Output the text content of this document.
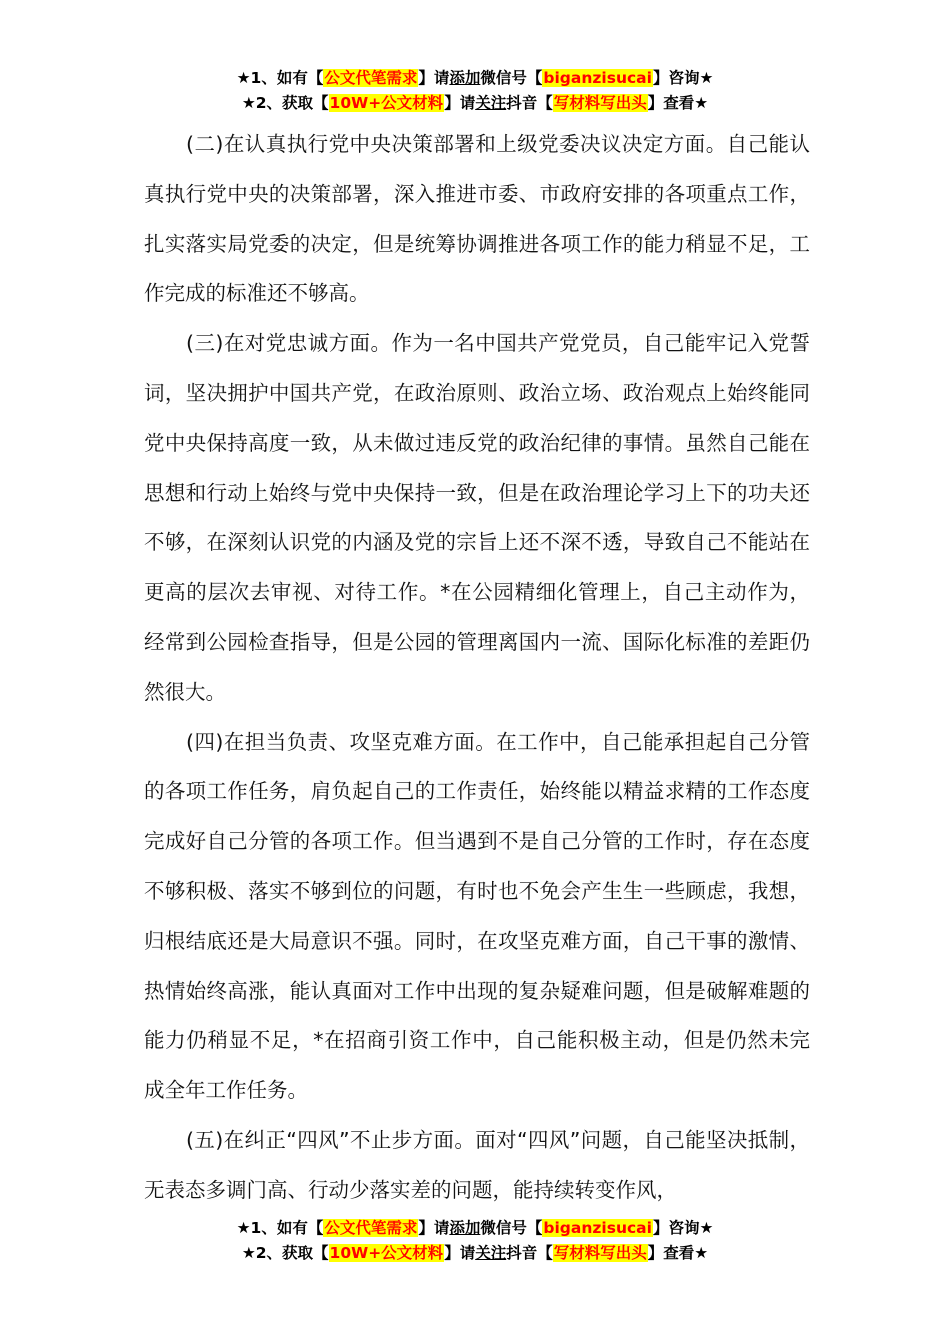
★1、如有【公文代笔需求】请添加微信号【biganzisucai】咨询★
★2、获取【10W+公文材料】请关注抖音【写材料写出头】查看★

(二)在认真执行党中央决策部署和上级党委决议决定方面。自己能认真执行党中央的决策部署，深入推进市委、市政府安排的各项重点工作，扎实落实局党委的决定，但是统筹协调推进各项工作的能力稍显不足，工作完成的标准还不够高。

(三)在对党忠诚方面。作为一名中国共产党党员，自己能牢记入党誓词，坚决拥护中国共产党，在政治原则、政治立场、政治观点上始终能同党中央保持高度一致，从未做过违反党的政治纪律的事情。虽然自己能在思想和行动上始终与党中央保持一致，但是在政治理论学习上下的功夫还不够，在深刻认识党的内涵及党的宗旨上还不深不透，导致自己不能站在更高的层次去审视、对待工作。*在公园精细化管理上，自己主动作为，经常到公园检查指导，但是公园的管理离国内一流、国际化标准的差距仍然很大。

(四)在担当负责、攻坚克难方面。在工作中，自己能承担起自己分管的各项工作任务，肩负起自己的工作责任，始终能以精益求精的工作态度完成好自己分管的各项工作。但当遇到不是自己分管的工作时，存在态度不够积极、落实不够到位的问题，有时也不免会产生生一些顾虑，我想，归根结底还是大局意识不强。同时，在攻坚克难方面，自己干事的激情、热情始终高涨，能认真面对工作中出现的复杂疑难问题，但是破解难题的能力仍稍显不足，*在招商引资工作中，自己能积极主动，但是仍然未完成全年工作任务。

(五)在纠正“四风”不止步方面。面对“四风”问题，自己能坚决抵制，无表态多调门高、行动少落实差的问题，能持续转变作风，

★1、如有【公文代笔需求】请添加微信号【biganzisucai】咨询★
★2、获取【10W+公文材料】请关注抖音【写材料写出头】查看★
